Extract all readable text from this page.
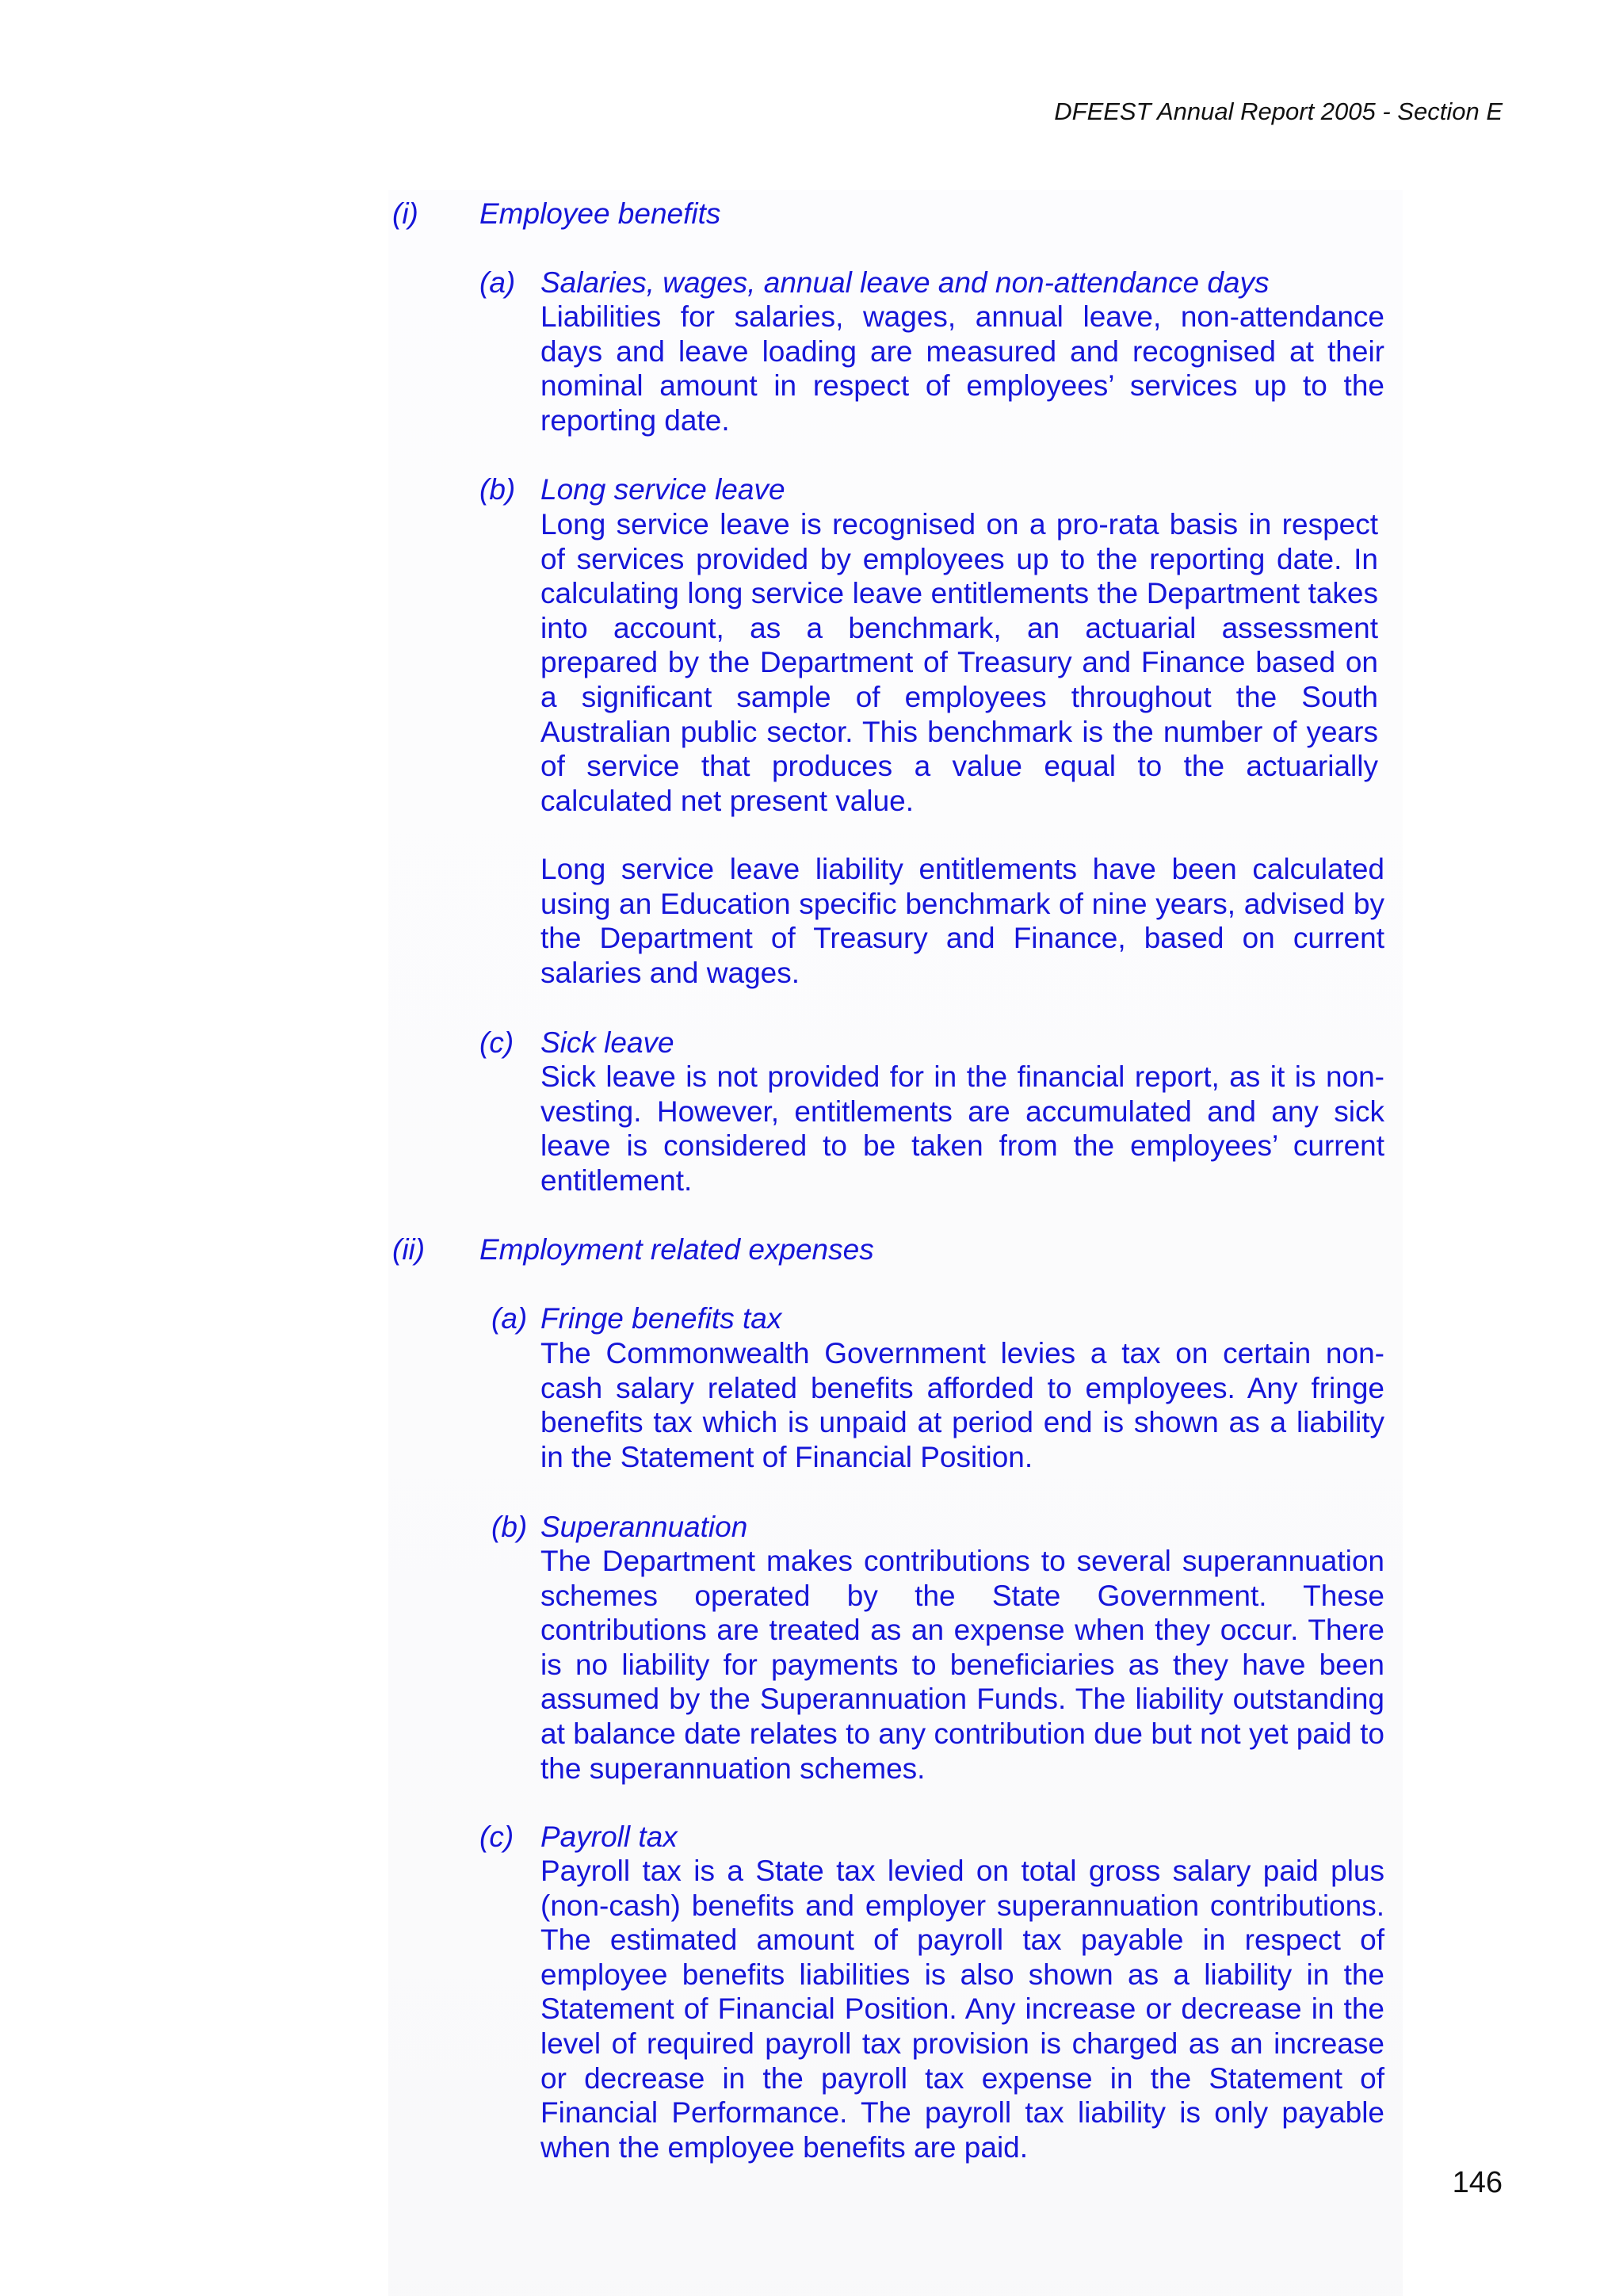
DFEEST Annual Report 2005 - Section E
(i) Employee benefits
(a) Salaries, wages, annual leave and non-attendance days

Liabilities for salaries, wages, annual leave, non-attendance days and leave loading are measured and recognised at their nominal amount in respect of employees’ services up to the reporting date.

(b) Long service leave

Long service leave is recognised on a pro-rata basis in respect of services provided by employees up to the reporting date. In calculating long service leave entitlements the Department takes into account, as a benchmark, an actuarial assessment prepared by the Department of Treasury and Finance based on a significant sample of employees throughout the South Australian public sector. This benchmark is the number of years of service that produces a value equal to the actuarially calculated net present value.

Long service leave liability entitlements have been calculated using an Education specific benchmark of nine years, advised by the Department of Treasury and Finance, based on current salaries and wages.

(c) Sick leave

Sick leave is not provided for in the financial report, as it is non-vesting. However, entitlements are accumulated and any sick leave is considered to be taken from the employees’ current entitlement.

(ii) Employment related expenses
(a) Fringe benefits tax

The Commonwealth Government levies a tax on certain non-cash salary related benefits afforded to employees. Any fringe benefits tax which is unpaid at period end is shown as a liability in the Statement of Financial Position.

(b) Superannuation

The Department makes contributions to several superannuation schemes operated by the State Government. These contributions are treated as an expense when they occur. There is no liability for payments to beneficiaries as they have been assumed by the Superannuation Funds. The liability outstanding at balance date relates to any contribution due but not yet paid to the superannuation schemes.

(c) Payroll tax

Payroll tax is a State tax levied on total gross salary paid plus (non-cash) benefits and employer superannuation contributions. The estimated amount of payroll tax payable in respect of employee benefits liabilities is also shown as a liability in the Statement of Financial Position. Any increase or decrease in the level of required payroll tax provision is charged as an increase or decrease in the payroll tax expense in the Statement of Financial Performance. The payroll tax liability is only payable when the employee benefits are paid.

146
